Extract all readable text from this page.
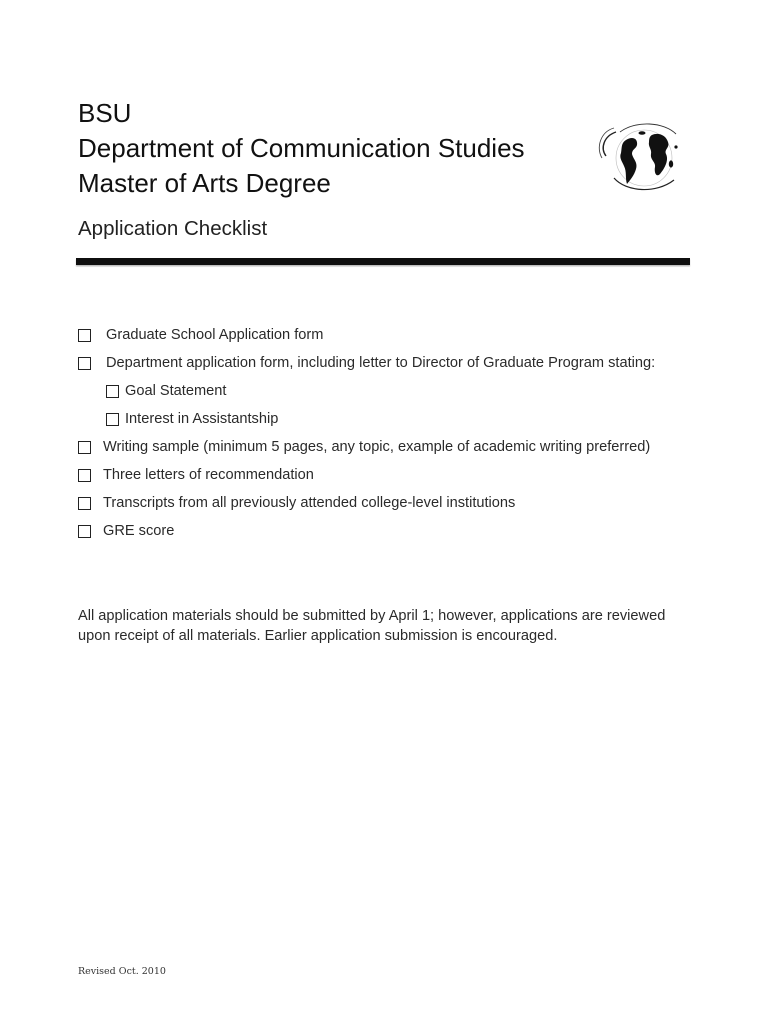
BSU
Department of Communication Studies
Master of Arts Degree
Application Checklist
Graduate School Application form
Department application form, including letter to Director of Graduate Program stating:
Goal Statement
Interest in Assistantship
Writing sample (minimum 5 pages, any topic, example of academic writing preferred)
Three letters of recommendation
Transcripts from all previously attended college-level institutions
GRE score

All application materials should be submitted by April 1; however, applications are reviewed

upon receipt of all materials. Earlier application submission is encouraged.

Revised Oct. 2010
